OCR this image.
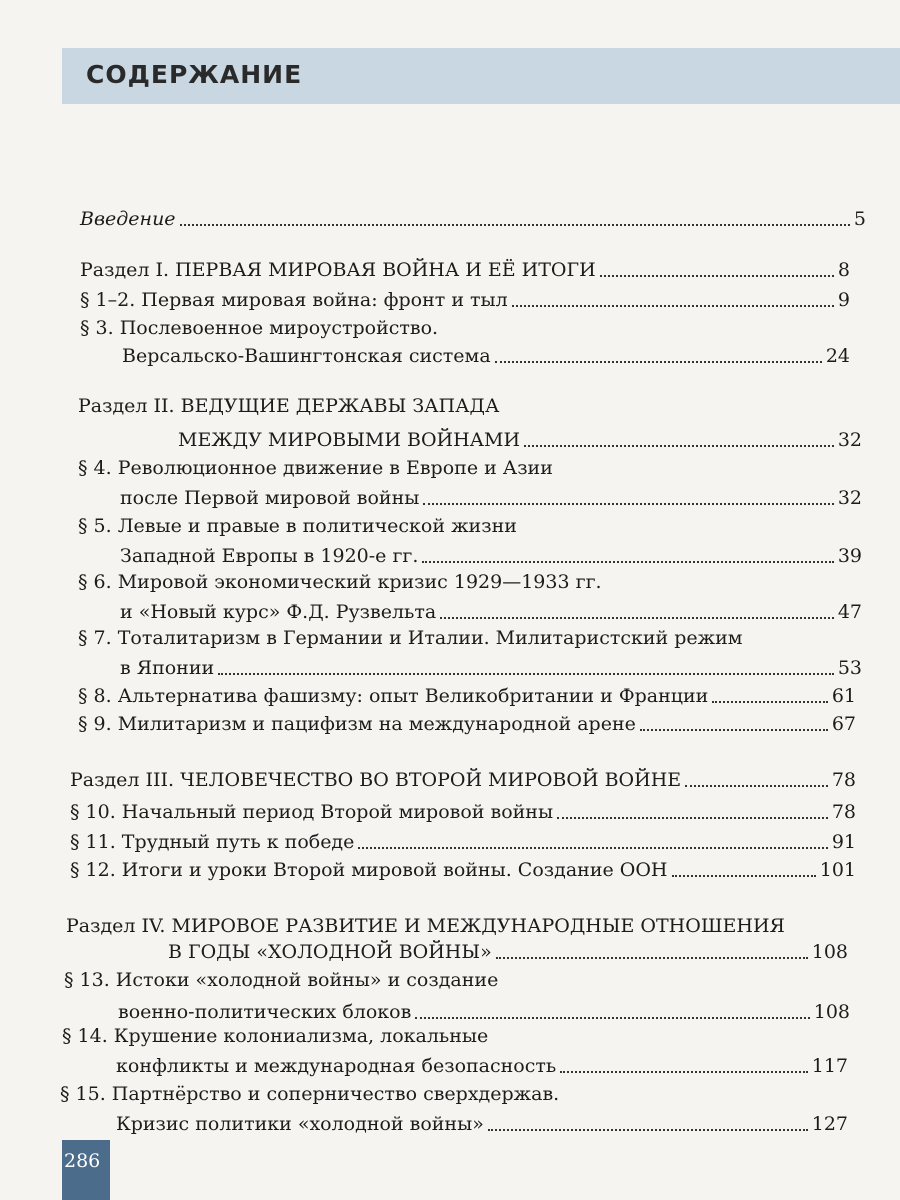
СОДЕРЖАНИЕ
Введение	5
Раздел I. ПЕРВАЯ МИРОВАЯ ВОЙНА И ЕЁ ИТОГИ	8
§ 1–2. Первая мировая война: фронт и тыл	9
§ 3. Послевоенное мироустройство.
Версальско-Вашингтонская система	24
Раздел II. ВЕДУЩИЕ ДЕРЖАВЫ ЗАПАДА
МЕЖДУ МИРОВЫМИ ВОЙНАМИ	32
§ 4. Революционное движение в Европе и Азии
после Первой мировой войны	32
§ 5. Левые и правые в политической жизни
Западной Европы в 1920-е гг.	39
§ 6. Мировой экономический кризис 1929—1933 гг.
и «Новый курс» Ф.Д. Рузвельта	47
§ 7. Тоталитаризм в Германии и Италии. Милитаристский режим
в Японии	53
§ 8. Альтернатива фашизму: опыт Великобритании и Франции	61
§ 9. Милитаризм и пацифизм на международной арене	67
Раздел III. ЧЕЛОВЕЧЕСТВО ВО ВТОРОЙ МИРОВОЙ ВОЙНЕ	78
§ 10. Начальный период Второй мировой войны	78
§ 11. Трудный путь к победе	91
§ 12. Итоги и уроки Второй мировой войны. Создание ООН	101
Раздел IV. МИРОВОЕ РАЗВИТИЕ И МЕЖДУНАРОДНЫЕ ОТНОШЕНИЯ
В ГОДЫ «ХОЛОДНОЙ ВОЙНЫ»	108
§ 13. Истоки «холодной войны» и создание
военно-политических блоков	108
§ 14. Крушение колониализма, локальные
конфликты и международная безопасность	117
§ 15. Партнёрство и соперничество сверхдержав.
Кризис политики «холодной войны»	127
286
